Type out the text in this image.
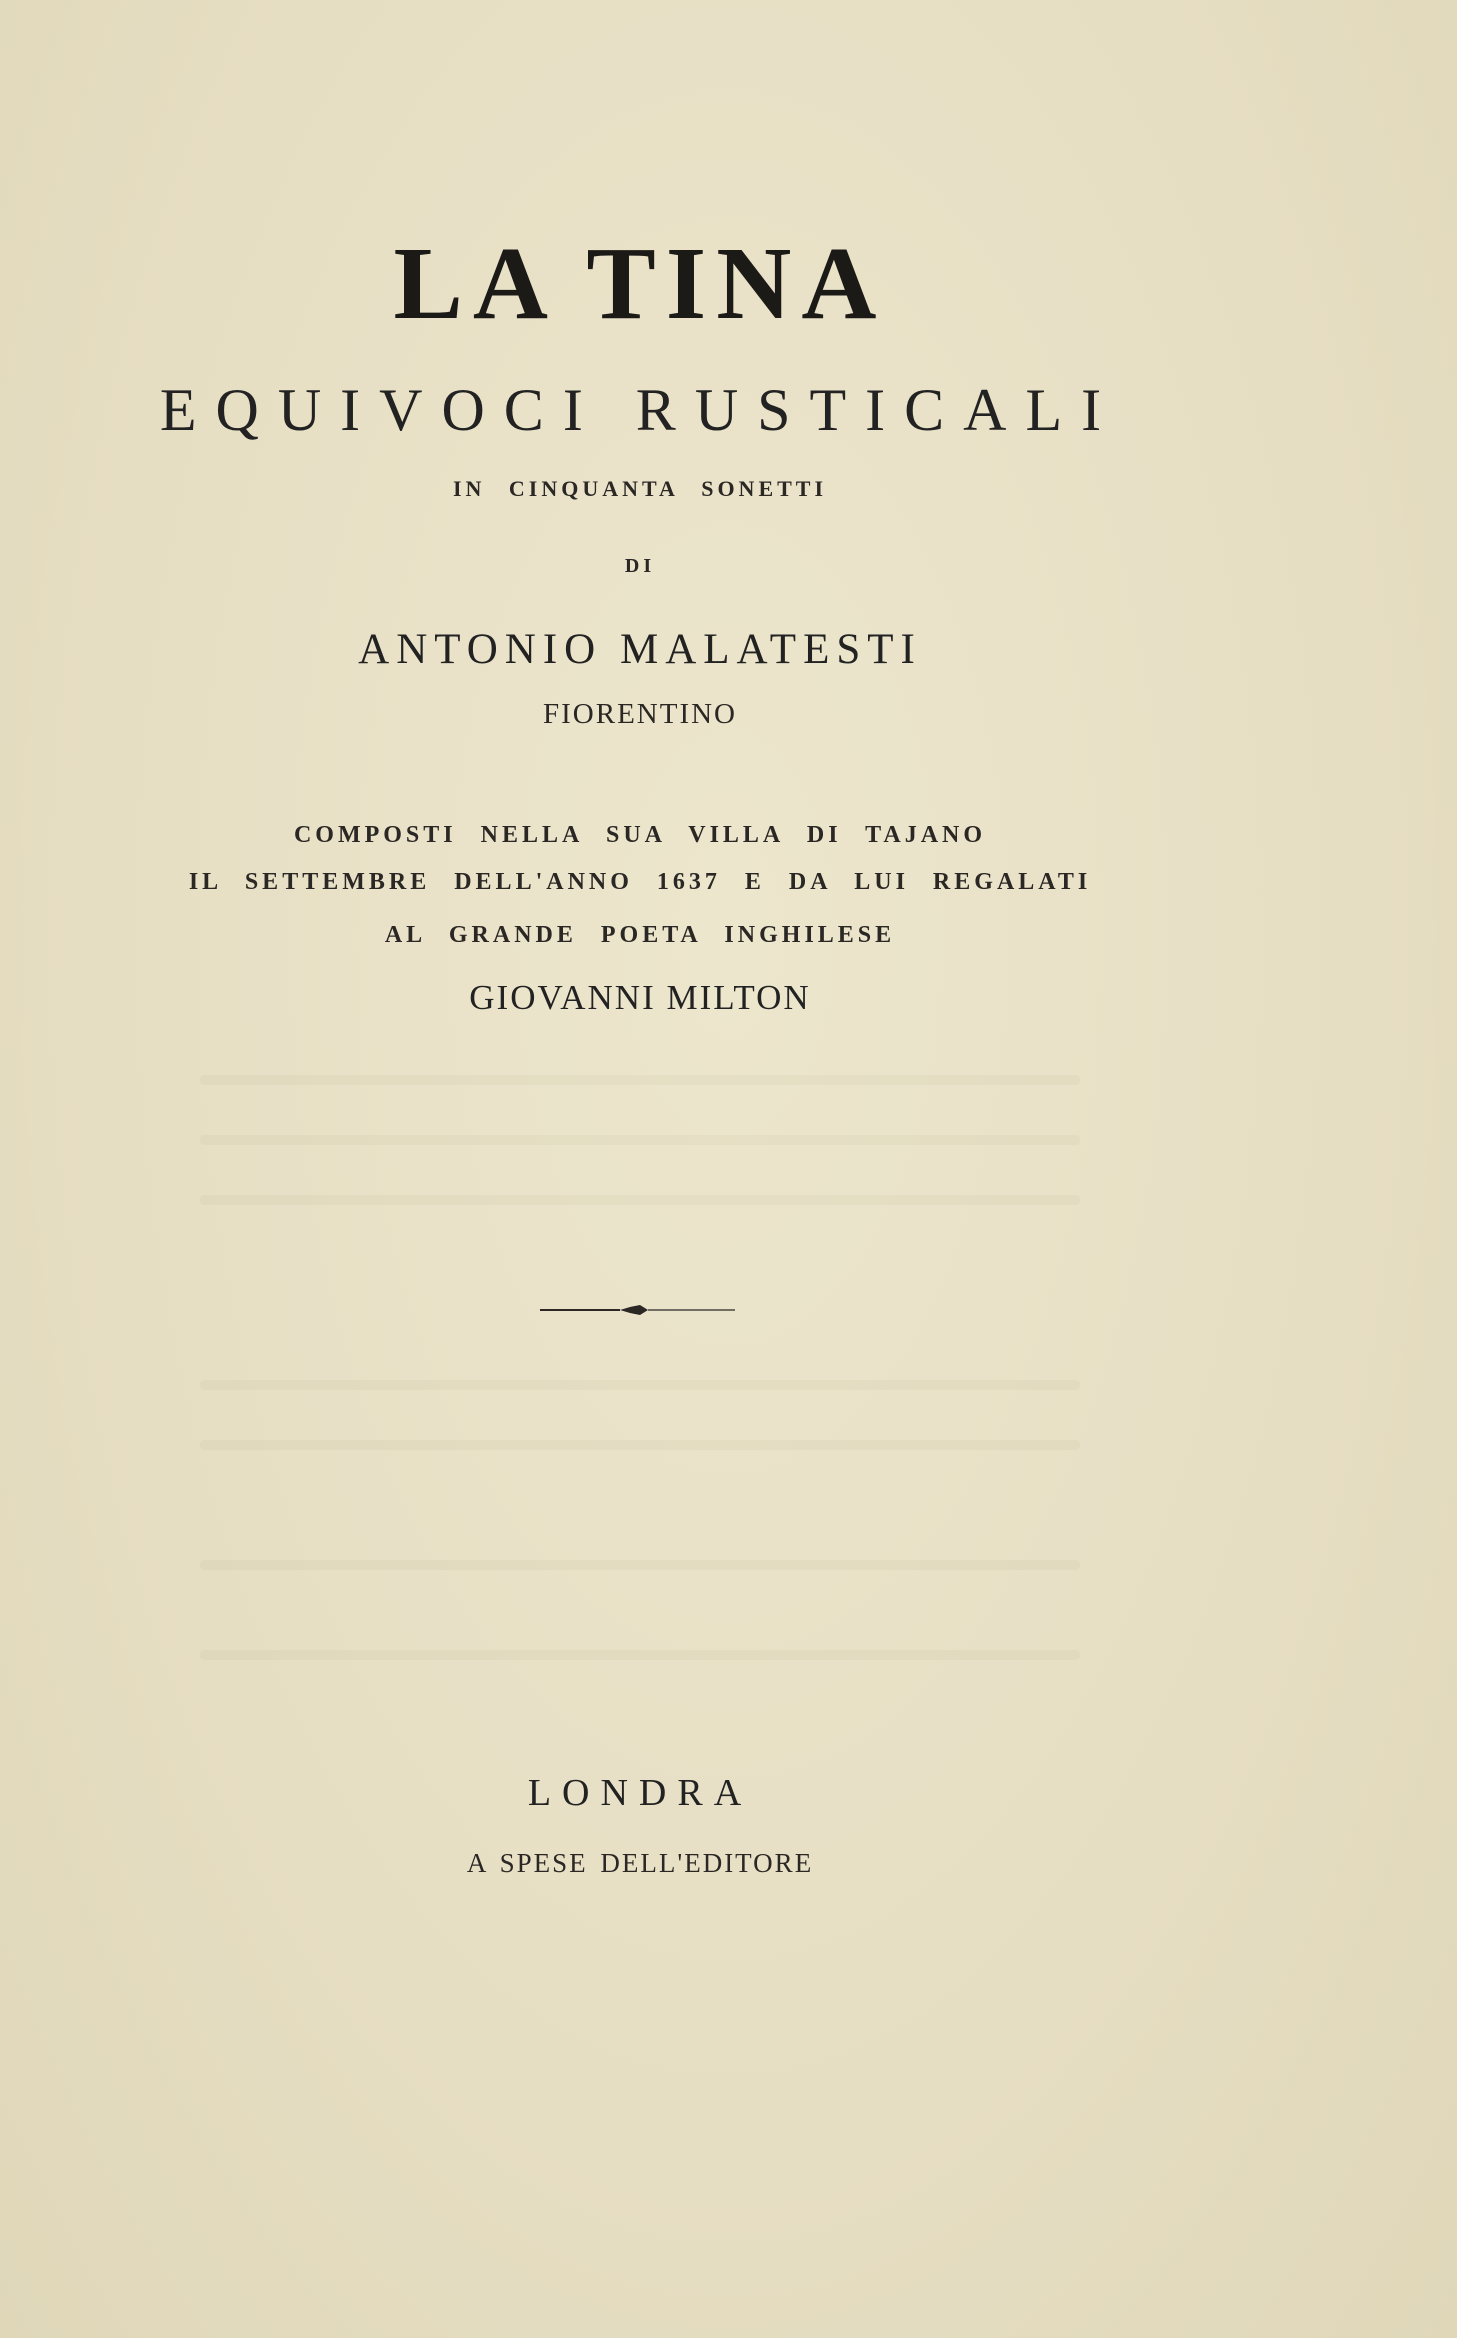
LA TINA
EQUIVOCI RUSTICALI
IN CINQUANTA SONETTI
DI
ANTONIO MALATESTI
FIORENTINO
COMPOSTI NELLA SUA VILLA DI TAJANO
IL SETTEMBRE DELL'ANNO 1637 E DA LUI REGALATI
AL GRANDE POETA INGHILESE
GIOVANNI MILTON
LONDRA
A SPESE DELL'EDITORE
